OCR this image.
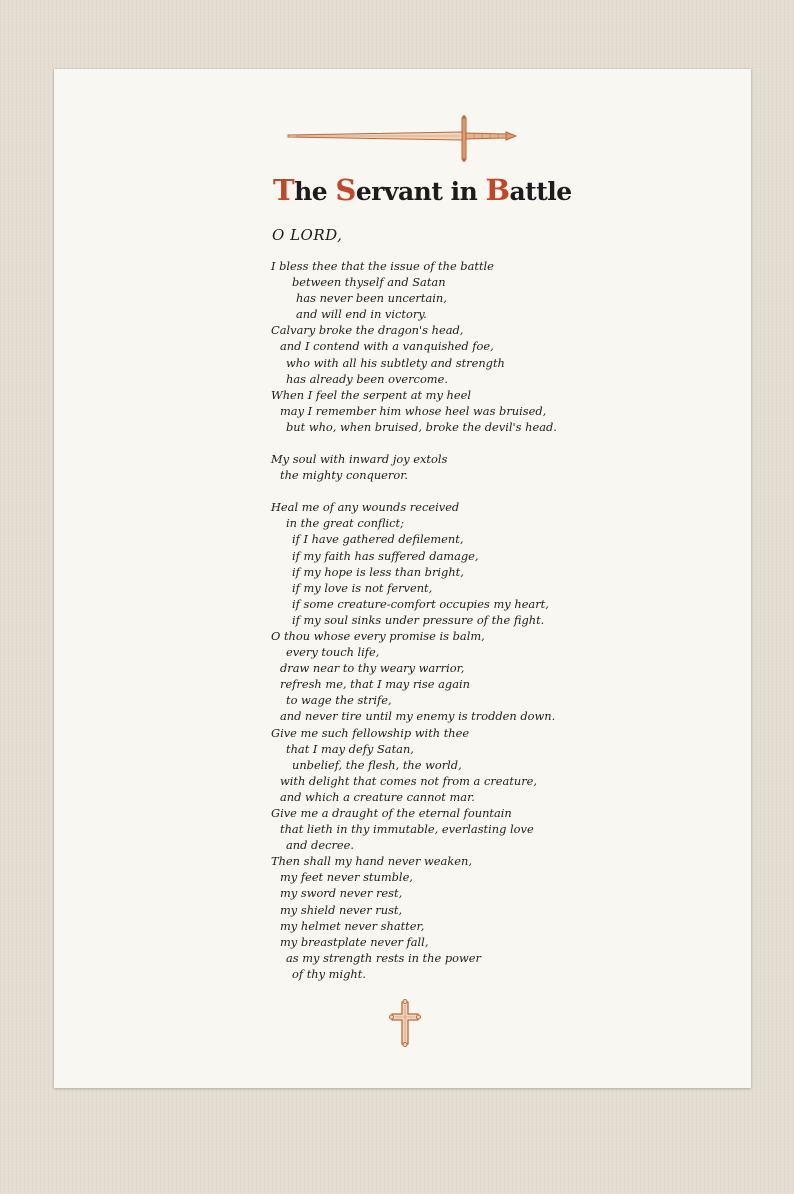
The Servant in Battle

O LORD,

I bless thee that the issue of the battle
between thyself and Satan
has never been uncertain,
and will end in victory.
Calvary broke the dragon's head,
and I contend with a vanquished foe,
who with all his subtlety and strength
has already been overcome.
When I feel the serpent at my heel
may I remember him whose heel was bruised,
but who, when bruised, broke the devil's head.
My soul with inward joy extols
the mighty conqueror.
Heal me of any wounds received
in the great conflict;
if I have gathered defilement,
if my faith has suffered damage,
if my hope is less than bright,
if my love is not fervent,
if some creature-comfort occupies my heart,
if my soul sinks under pressure of the fight.
O thou whose every promise is balm,
every touch life,
draw near to thy weary warrior,
refresh me, that I may rise again
to wage the strife,
and never tire until my enemy is trodden down.
Give me such fellowship with thee
that I may defy Satan,
unbelief, the flesh, the world,
with delight that comes not from a creature,
and which a creature cannot mar.
Give me a draught of the eternal fountain
that lieth in thy immutable, everlasting love
and decree.
Then shall my hand never weaken,
my feet never stumble,
my sword never rest,
my shield never rust,
my helmet never shatter,
my breastplate never fall,
as my strength rests in the power
of thy might.
